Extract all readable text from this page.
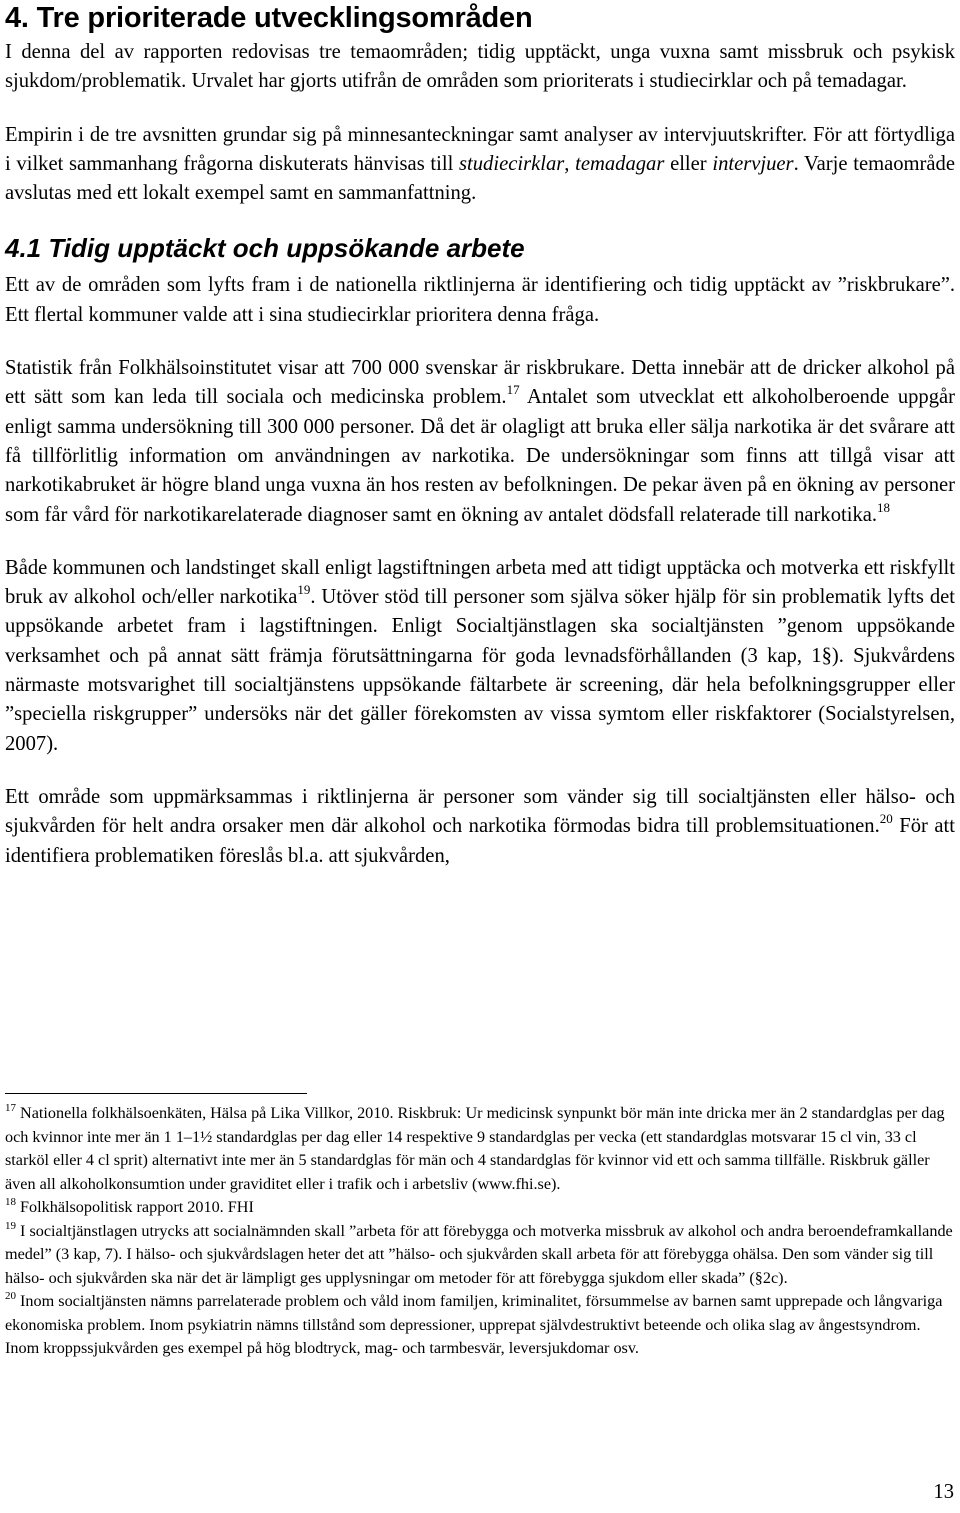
4. Tre prioriterade utvecklingsområden

I denna del av rapporten redovisas tre temaområden; tidig upptäckt, unga vuxna samt missbruk och psykisk sjukdom/problematik. Urvalet har gjorts utifrån de områden som prioriterats i studiecirklar och på temadagar.

Empirin i de tre avsnitten grundar sig på minnesanteckningar samt analyser av intervjuutskrifter. För att förtydliga i vilket sammanhang frågorna diskuterats hänvisas till studiecirklar, temadagar eller intervjuer. Varje temaområde avslutas med ett lokalt exempel samt en sammanfattning.

4.1 Tidig upptäckt och uppsökande arbete

Ett av de områden som lyfts fram i de nationella riktlinjerna är identifiering och tidig upptäckt av ”riskbrukare”. Ett flertal kommuner valde att i sina studiecirklar prioritera denna fråga.

Statistik från Folkhälsoinstitutet visar att 700 000 svenskar är riskbrukare. Detta innebär att de dricker alkohol på ett sätt som kan leda till sociala och medicinska problem.$^{17}$ Antalet som utvecklat ett alkoholberoende uppgår enligt samma undersökning till 300 000 personer. Då det är olagligt att bruka eller sälja narkotika är det svårare att få tillförlitlig information om användningen av narkotika. De undersökningar som finns att tillgå visar att narkotikabruket är högre bland unga vuxna än hos resten av befolkningen. De pekar även på en ökning av personer som får vård för narkotikarelaterade diagnoser samt en ökning av antalet dödsfall relaterade till narkotika.$^{18}$

Både kommunen och landstinget skall enligt lagstiftningen arbeta med att tidigt upptäcka och motverka ett riskfyllt bruk av alkohol och/eller narkotika$^{19}$. Utöver stöd till personer som själva söker hjälp för sin problematik lyfts det uppsökande arbetet fram i lagstiftningen. Enligt Socialtjänstlagen ska socialtjänsten ”genom uppsökande verksamhet och på annat sätt främja förutsättningarna för goda levnadsförhållanden (3 kap, 1§). Sjukvårdens närmaste motsvarighet till socialtjänstens uppsökande fältarbete är screening, där hela befolkningsgrupper eller ”speciella riskgrupper” undersöks när det gäller förekomsten av vissa symtom eller riskfaktorer (Socialstyrelsen, 2007).

Ett område som uppmärksammas i riktlinjerna är personer som vänder sig till socialtjänsten eller hälso- och sjukvården för helt andra orsaker men där alkohol och narkotika förmodas bidra till problemsituationen.$^{20}$ För att identifiera problematiken föreslås bl.a. att sjukvården,

$^{17}$ Nationella folkhälsoenkäten, Hälsa på Lika Villkor, 2010. Riskbruk: Ur medicinsk synpunkt bör män inte dricka mer än 2 standardglas per dag och kvinnor inte mer än 1 1–1½ standardglas per dag eller 14 respektive 9 standardglas per vecka (ett standardglas motsvarar 15 cl vin, 33 cl starköl eller 4 cl sprit) alternativt inte mer än 5 standardglas för män och 4 standardglas för kvinnor vid ett och samma tillfälle. Riskbruk gäller även all alkoholkonsumtion under graviditet eller i trafik och i arbetsliv (www.fhi.se).

$^{18}$ Folkhälsopolitisk rapport 2010. FHI

$^{19}$ I socialtjänstlagen utrycks att socialnämnden skall ”arbeta för att förebygga och motverka missbruk av alkohol och andra beroendeframkallande medel” (3 kap, 7). I hälso- och sjukvårdslagen heter det att ”hälso- och sjukvården skall arbeta för att förebygga ohälsa. Den som vänder sig till hälso- och sjukvården ska när det är lämpligt ges upplysningar om metoder för att förebygga sjukdom eller skada” (§2c).

$^{20}$ Inom socialtjänsten nämns parrelaterade problem och våld inom familjen, kriminalitet, försummelse av barnen samt upprepade och långvariga ekonomiska problem. Inom psykiatrin nämns tillstånd som depressioner, upprepat självdestruktivt beteende och olika slag av ångestsyndrom. Inom kroppssjukvården ges exempel på hög blodtryck, mag- och tarmbesvär, leversjukdomar osv.

13
